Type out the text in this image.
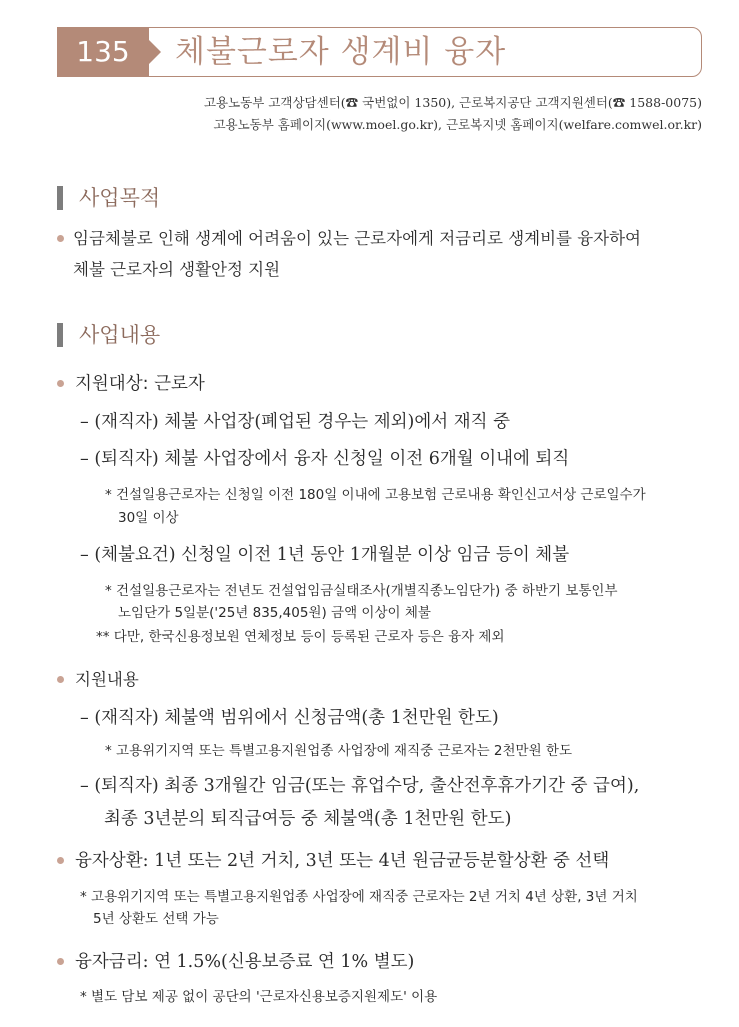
135	체불근로자 생계비 융자
고용노동부 고객상담센터(☎ 국번없이 1350), 근로복지공단 고객지원센터(☎ 1588-0075)
고용노동부 홈페이지(www.moel.go.kr), 근로복지넷 홈페이지(welfare.comwel.or.kr)
사업목적
임금체불로 인해 생계에 어려움이 있는 근로자에게 저금리로 생계비를 융자하여
체불 근로자의 생활안정 지원
사업내용
지원대상: 근로자
– (재직자) 체불 사업장(폐업된 경우는 제외)에서 재직 중
– (퇴직자) 체불 사업장에서 융자 신청일 이전 6개월 이내에 퇴직
* 건설일용근로자는 신청일 이전 180일 이내에 고용보험 근로내용 확인신고서상 근로일수가
30일 이상
– (체불요건) 신청일 이전 1년 동안 1개월분 이상 임금 등이 체불
* 건설일용근로자는 전년도 건설업임금실태조사(개별직종노임단가) 중 하반기 보통인부
노임단가 5일분('25년 835,405원) 금액 이상이 체불
** 다만, 한국신용정보원 연체정보 등이 등록된 근로자 등은 융자 제외
지원내용
– (재직자) 체불액 범위에서 신청금액(총 1천만원 한도)
* 고용위기지역 또는 특별고용지원업종 사업장에 재직중 근로자는 2천만원 한도
– (퇴직자) 최종 3개월간 임금(또는 휴업수당, 출산전후휴가기간 중 급여),
최종 3년분의 퇴직급여등 중 체불액(총 1천만원 한도)
융자상환: 1년 또는 2년 거치, 3년 또는 4년 원금균등분할상환 중 선택
* 고용위기지역 또는 특별고용지원업종 사업장에 재직중 근로자는 2년 거치 4년 상환, 3년 거치
5년 상환도 선택 가능
융자금리: 연 1.5%(신용보증료 연 1% 별도)
* 별도 담보 제공 없이 공단의 '근로자신용보증지원제도' 이용
